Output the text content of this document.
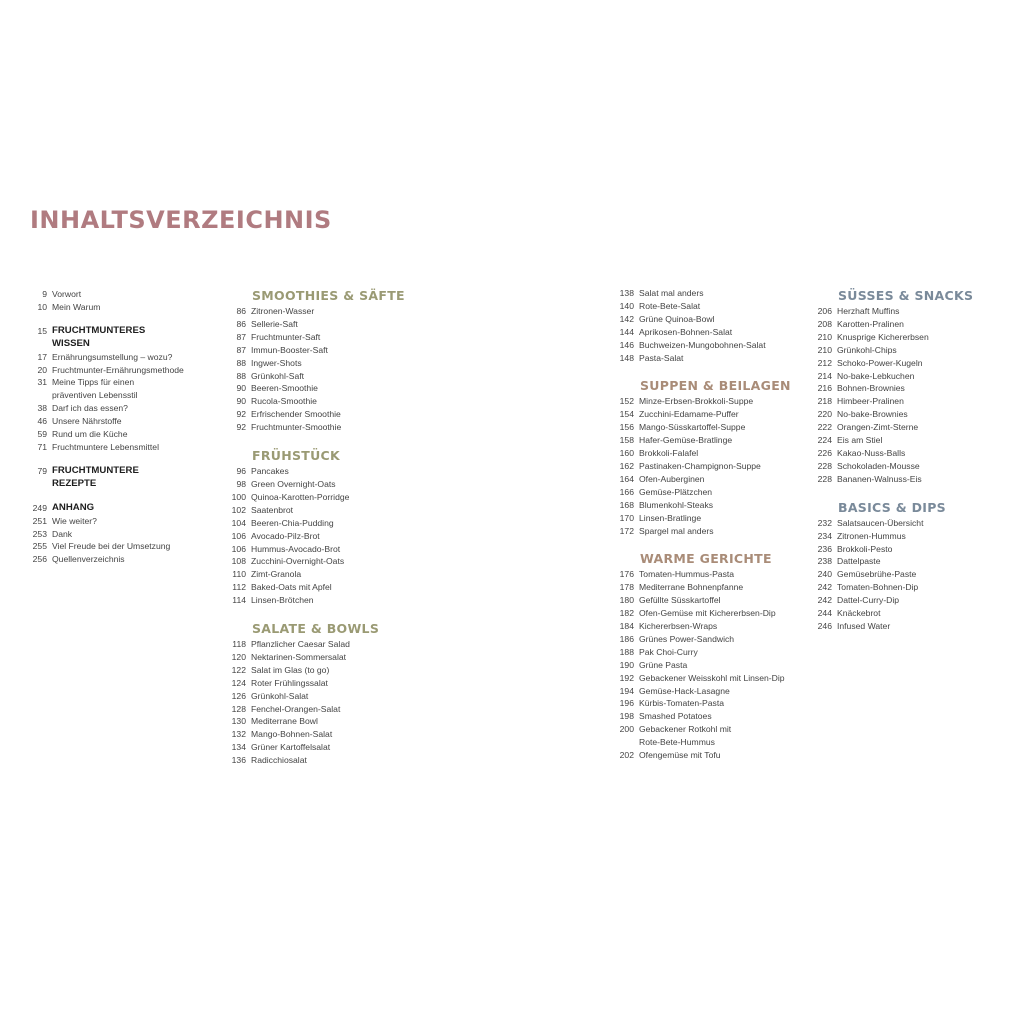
INHALTSVERZEICHNIS
9 Vorwort
10 Mein Warum
15 FRUCHTMUNTERES
WISSEN
17 Ernährungsumstellung – wozu?
20 Fruchtmunter-Ernährungsmethode
31 Meine Tipps für einen
präventiven Lebensstil
38 Darf ich das essen?
46 Unsere Nährstoffe
59 Rund um die Küche
71 Fruchtmuntere Lebensmittel
79 FRUCHTMUNTERE
REZEPTE
249 ANHANG
251 Wie weiter?
253 Dank
255 Viel Freude bei der Umsetzung
256 Quellenverzeichnis
SMOOTHIES & SÄFTE
86 Zitronen-Wasser
86 Sellerie-Saft
87 Fruchtmunter-Saft
87 Immun-Booster-Saft
88 Ingwer-Shots
88 Grünkohl-Saft
90 Beeren-Smoothie
90 Rucola-Smoothie
92 Erfrischender Smoothie
92 Fruchtmunter-Smoothie
FRÜHSTÜCK
96 Pancakes
98 Green Overnight-Oats
100 Quinoa-Karotten-Porridge
102 Saatenbrot
104 Beeren-Chia-Pudding
106 Avocado-Pilz-Brot
106 Hummus-Avocado-Brot
108 Zucchini-Overnight-Oats
110 Zimt-Granola
112 Baked-Oats mit Apfel
114 Linsen-Brötchen
SALATE & BOWLS
118 Pflanzlicher Caesar Salad
120 Nektarinen-Sommersalat
122 Salat im Glas (to go)
124 Roter Frühlingssalat
126 Grünkohl-Salat
128 Fenchel-Orangen-Salat
130 Mediterrane Bowl
132 Mango-Bohnen-Salat
134 Grüner Kartoffelsalat
136 Radicchiosalat
138 Salat mal anders
140 Rote-Bete-Salat
142 Grüne Quinoa-Bowl
144 Aprikosen-Bohnen-Salat
146 Buchweizen-Mungobohnen-Salat
148 Pasta-Salat
SUPPEN & BEILAGEN
152 Minze-Erbsen-Brokkoli-Suppe
154 Zucchini-Edamame-Puffer
156 Mango-Süsskartoffel-Suppe
158 Hafer-Gemüse-Bratlinge
160 Brokkoli-Falafel
162 Pastinaken-Champignon-Suppe
164 Ofen-Auberginen
166 Gemüse-Plätzchen
168 Blumenkohl-Steaks
170 Linsen-Bratlinge
172 Spargel mal anders
WARME GERICHTE
176 Tomaten-Hummus-Pasta
178 Mediterrane Bohnenpfanne
180 Gefüllte Süsskartoffel
182 Ofen-Gemüse mit Kichererbsen-Dip
184 Kichererbsen-Wraps
186 Grünes Power-Sandwich
188 Pak Choi-Curry
190 Grüne Pasta
192 Gebackener Weisskohl mit Linsen-Dip
194 Gemüse-Hack-Lasagne
196 Kürbis-Tomaten-Pasta
198 Smashed Potatoes
200 Gebackener Rotkohl mit
Rote-Bete-Hummus
202 Ofengemüse mit Tofu
SÜSSES & SNACKS
206 Herzhaft Muffins
208 Karotten-Pralinen
210 Knusprige Kichererbsen
210 Grünkohl-Chips
212 Schoko-Power-Kugeln
214 No-bake-Lebkuchen
216 Bohnen-Brownies
218 Himbeer-Pralinen
220 No-bake-Brownies
222 Orangen-Zimt-Sterne
224 Eis am Stiel
226 Kakao-Nuss-Balls
228 Schokoladen-Mousse
228 Bananen-Walnuss-Eis
BASICS & DIPS
232 Salatsaucen-Übersicht
234 Zitronen-Hummus
236 Brokkoli-Pesto
238 Dattelpaste
240 Gemüsebrühe-Paste
242 Tomaten-Bohnen-Dip
242 Dattel-Curry-Dip
244 Knäckebrot
246 Infused Water
